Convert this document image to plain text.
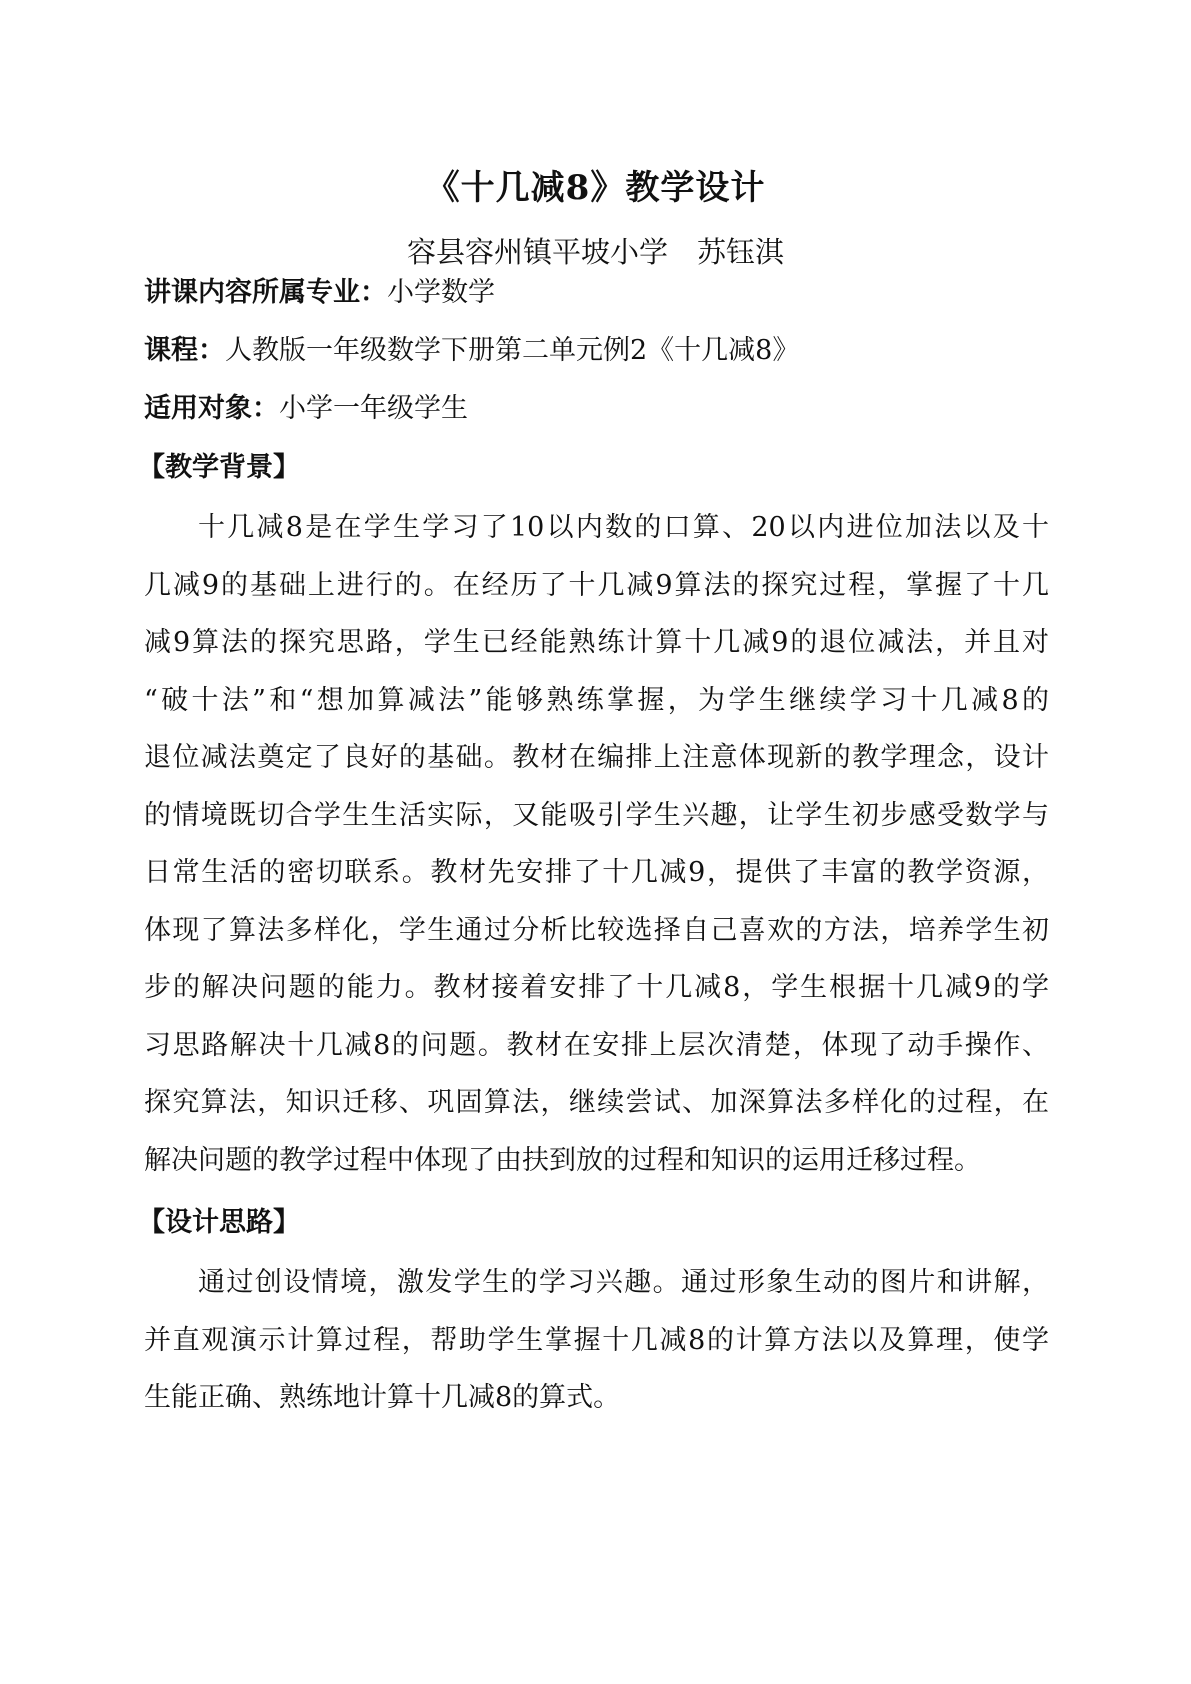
《十几减8》教学设计
容县容州镇平坡小学　苏钰淇
讲课内容所属专业：小学数学
课程：人教版一年级数学下册第二单元例2《十几减8》
适用对象：小学一年级学生
【教学背景】
十几减8是在学生学习了10以内数的口算、20以内进位加法以及十
几减9的基础上进行的。在经历了十几减9算法的探究过程，掌握了十几
减9算法的探究思路，学生已经能熟练计算十几减9的退位减法，并且对
“破十法”和“想加算减法”能够熟练掌握，为学生继续学习十几减8的
退位减法奠定了良好的基础。教材在编排上注意体现新的教学理念，设计
的情境既切合学生生活实际，又能吸引学生兴趣，让学生初步感受数学与
日常生活的密切联系。教材先安排了十几减9，提供了丰富的教学资源，
体现了算法多样化，学生通过分析比较选择自己喜欢的方法，培养学生初
步的解决问题的能力。教材接着安排了十几减8，学生根据十几减9的学
习思路解决十几减8的问题。教材在安排上层次清楚，体现了动手操作、
探究算法，知识迁移、巩固算法，继续尝试、加深算法多样化的过程，在
解决问题的教学过程中体现了由扶到放的过程和知识的运用迁移过程。
【设计思路】
通过创设情境，激发学生的学习兴趣。通过形象生动的图片和讲解，
并直观演示计算过程，帮助学生掌握十几减8的计算方法以及算理，使学
生能正确、熟练地计算十几减8的算式。
